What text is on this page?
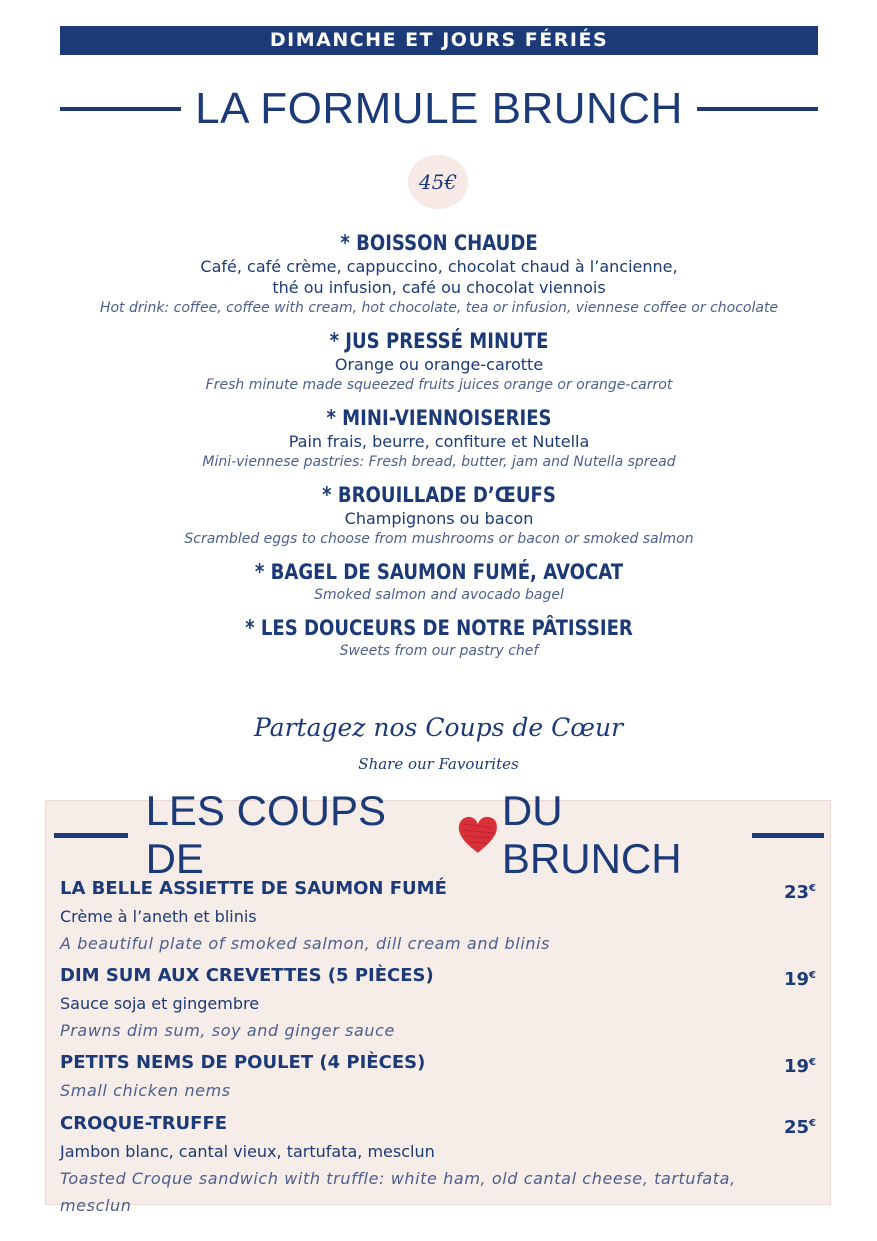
DIMANCHE ET JOURS FÉRIÉS
LA FORMULE BRUNCH
45€
* BOISSON CHAUDE
Café, café crème, cappuccino, chocolat chaud à l’ancienne,
thé ou infusion, café ou chocolat viennois
Hot drink: coffee, coffee with cream, hot chocolate, tea or infusion, viennese coffee or chocolate
* JUS PRESSÉ MINUTE
Orange ou orange-carotte
Fresh minute made squeezed fruits juices orange or orange-carrot
* MINI-VIENNOISERIES
Pain frais, beurre, confiture et Nutella
Mini-viennese pastries: Fresh bread, butter, jam and Nutella spread
* BROUILLADE D’ŒUFS
Champignons ou bacon
Scrambled eggs to choose from mushrooms or bacon or smoked salmon
* BAGEL DE SAUMON FUMÉ, AVOCAT
Smoked salmon and avocado bagel
* LES DOUCEURS DE NOTRE PÂTISSIER
Sweets from our pastry chef
Partagez nos Coups de Cœur
Share our Favourites
LES COUPS DE
DU BRUNCH
LA BELLE ASSIETTE DE SAUMON FUMÉ	23€
Crème à l’aneth et blinis
A beautiful plate of smoked salmon, dill cream and blinis
DIM SUM AUX CREVETTES (5 PIÈCES)	19€
Sauce soja et gingembre
Prawns dim sum, soy and ginger sauce
PETITS NEMS DE POULET (4 PIÈCES)	19€
Small chicken nems
CROQUE-TRUFFE	25€
Jambon blanc, cantal vieux, tartufata, mesclun
Toasted Croque sandwich with truffle: white ham, old cantal cheese, tartufata, mesclun
